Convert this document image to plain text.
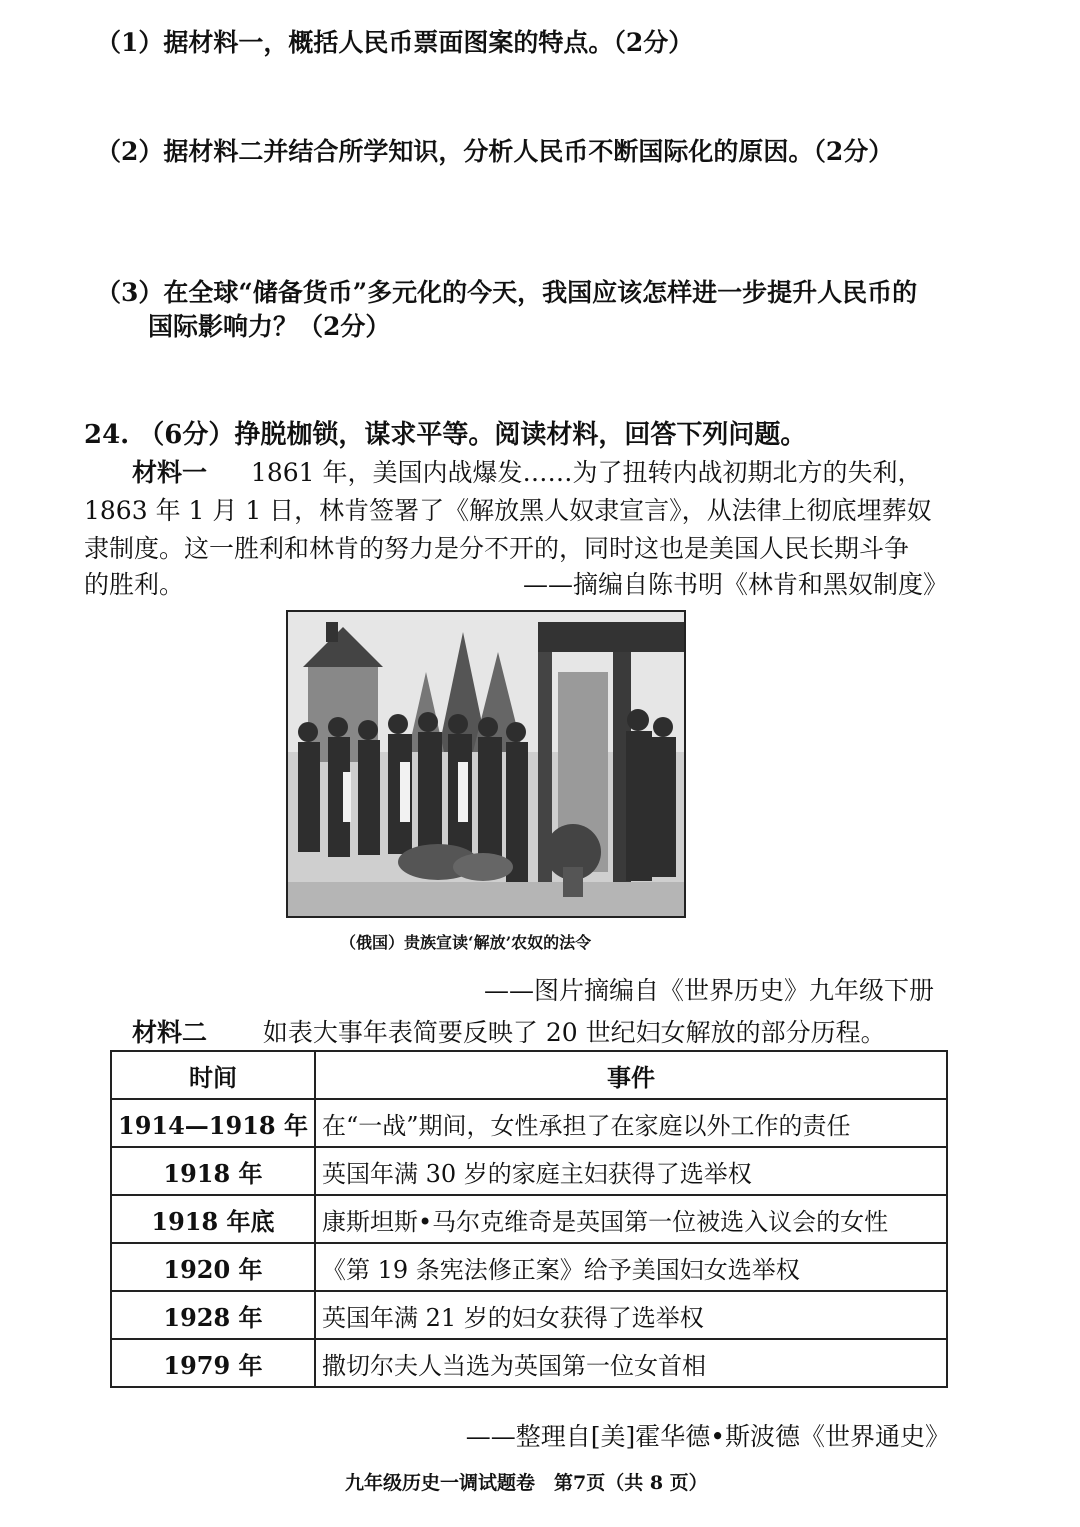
（1）据材料一，概括人民币票面图案的特点。（2分）
（2）据材料二并结合所学知识，分析人民币不断国际化的原因。（2分）
（3）在全球“储备货币”多元化的今天，我国应该怎样进一步提升人民币的
国际影响力？（2分）
24. （6分）挣脱枷锁，谋求平等。阅读材料，回答下列问题。
材料一 1861 年，美国内战爆发……为了扭转内战初期北方的失利，
1863 年 1 月 1 日，林肯签署了《解放黑人奴隶宣言》，从法律上彻底埋葬奴
隶制度。这一胜利和林肯的努力是分不开的，同时这也是美国人民长期斗争
的胜利。	——摘编自陈书明《林肯和黑奴制度》
（俄国）贵族宣读‘解放’农奴的法令
——图片摘编自《世界历史》九年级下册
材料二 如表大事年表简要反映了 20 世纪妇女解放的部分历程。
时间	事件
1914—1918 年	在“一战”期间，女性承担了在家庭以外工作的责任
1918 年	英国年满 30 岁的家庭主妇获得了选举权
1918 年底	康斯坦斯•马尔克维奇是英国第一位被选入议会的女性
1920 年	《第 19 条宪法修正案》给予美国妇女选举权
1928 年	英国年满 21 岁的妇女获得了选举权
1979 年	撒切尔夫人当选为英国第一位女首相
——整理自[美]霍华德•斯波德《世界通史》
九年级历史一调试题卷　第7页（共 8 页）
